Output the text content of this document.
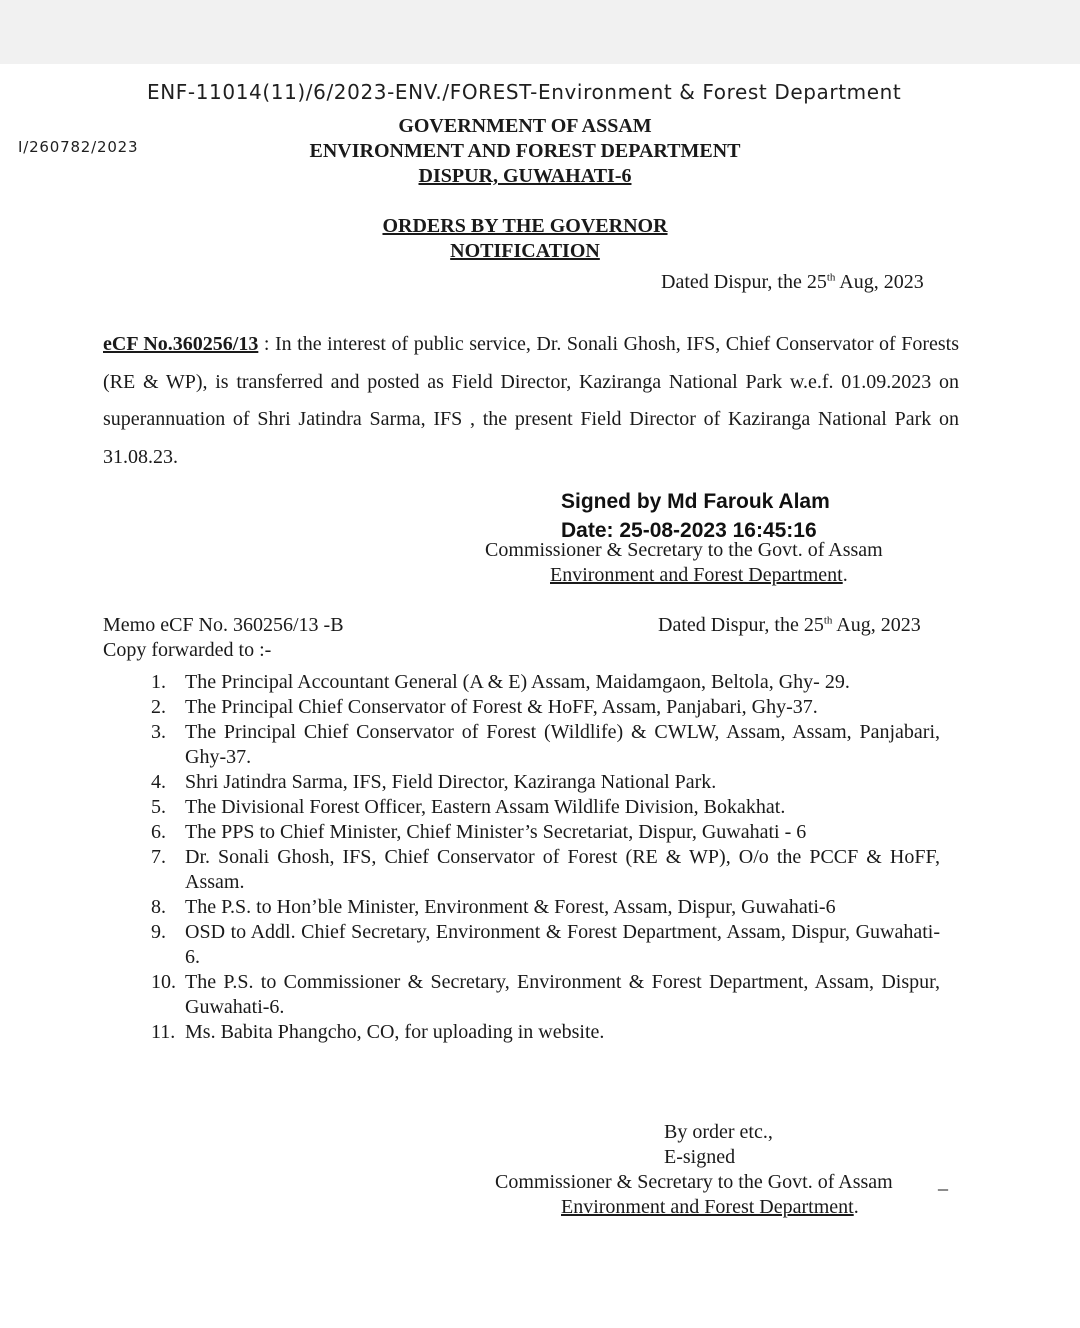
ENF-11014(11)/6/2023-ENV./FOREST-Environment & Forest Department
I/260782/2023
GOVERNMENT OF ASSAM
ENVIRONMENT AND FOREST DEPARTMENT
DISPUR, GUWAHATI-6
ORDERS BY THE GOVERNOR
NOTIFICATION
Dated Dispur, the 25th Aug, 2023
eCF No.360256/13 : In the interest of public service, Dr. Sonali Ghosh, IFS, Chief Conservator of Forests (RE & WP), is transferred and posted as Field Director, Kaziranga National Park w.e.f. 01.09.2023 on superannuation of Shri Jatindra Sarma, IFS , the present Field Director of Kaziranga National Park on 31.08.23.
Signed by Md Farouk Alam
Date: 25-08-2023 16:45:16
Commissioner & Secretary to the Govt. of Assam
Environment and Forest Department.
Memo eCF No. 360256/13 -B	Dated Dispur, the 25th Aug, 2023
Copy forwarded to :-
1. The Principal Accountant General (A & E) Assam, Maidamgaon, Beltola, Ghy- 29.
2. The Principal Chief Conservator of Forest & HoFF, Assam, Panjabari, Ghy-37.
3. The Principal Chief Conservator of Forest (Wildlife) & CWLW, Assam, Assam, Panjabari, Ghy-37.
4. Shri Jatindra Sarma, IFS, Field Director, Kaziranga National Park.
5. The Divisional Forest Officer, Eastern Assam Wildlife Division, Bokakhat.
6. The PPS to Chief Minister, Chief Minister’s Secretariat, Dispur, Guwahati - 6
7. Dr. Sonali Ghosh, IFS, Chief Conservator of Forest (RE & WP), O/o the PCCF & HoFF, Assam.
8. The P.S. to Hon’ble Minister, Environment & Forest, Assam, Dispur, Guwahati-6
9. OSD to Addl. Chief Secretary, Environment & Forest Department, Assam, Dispur, Guwahati-6.
10. The P.S. to Commissioner & Secretary, Environment & Forest Department, Assam, Dispur, Guwahati-6.
11. Ms. Babita Phangcho, CO, for uploading in website.
By order etc.,
E-signed
Commissioner & Secretary to the Govt. of Assam _
Environment and Forest Department.
